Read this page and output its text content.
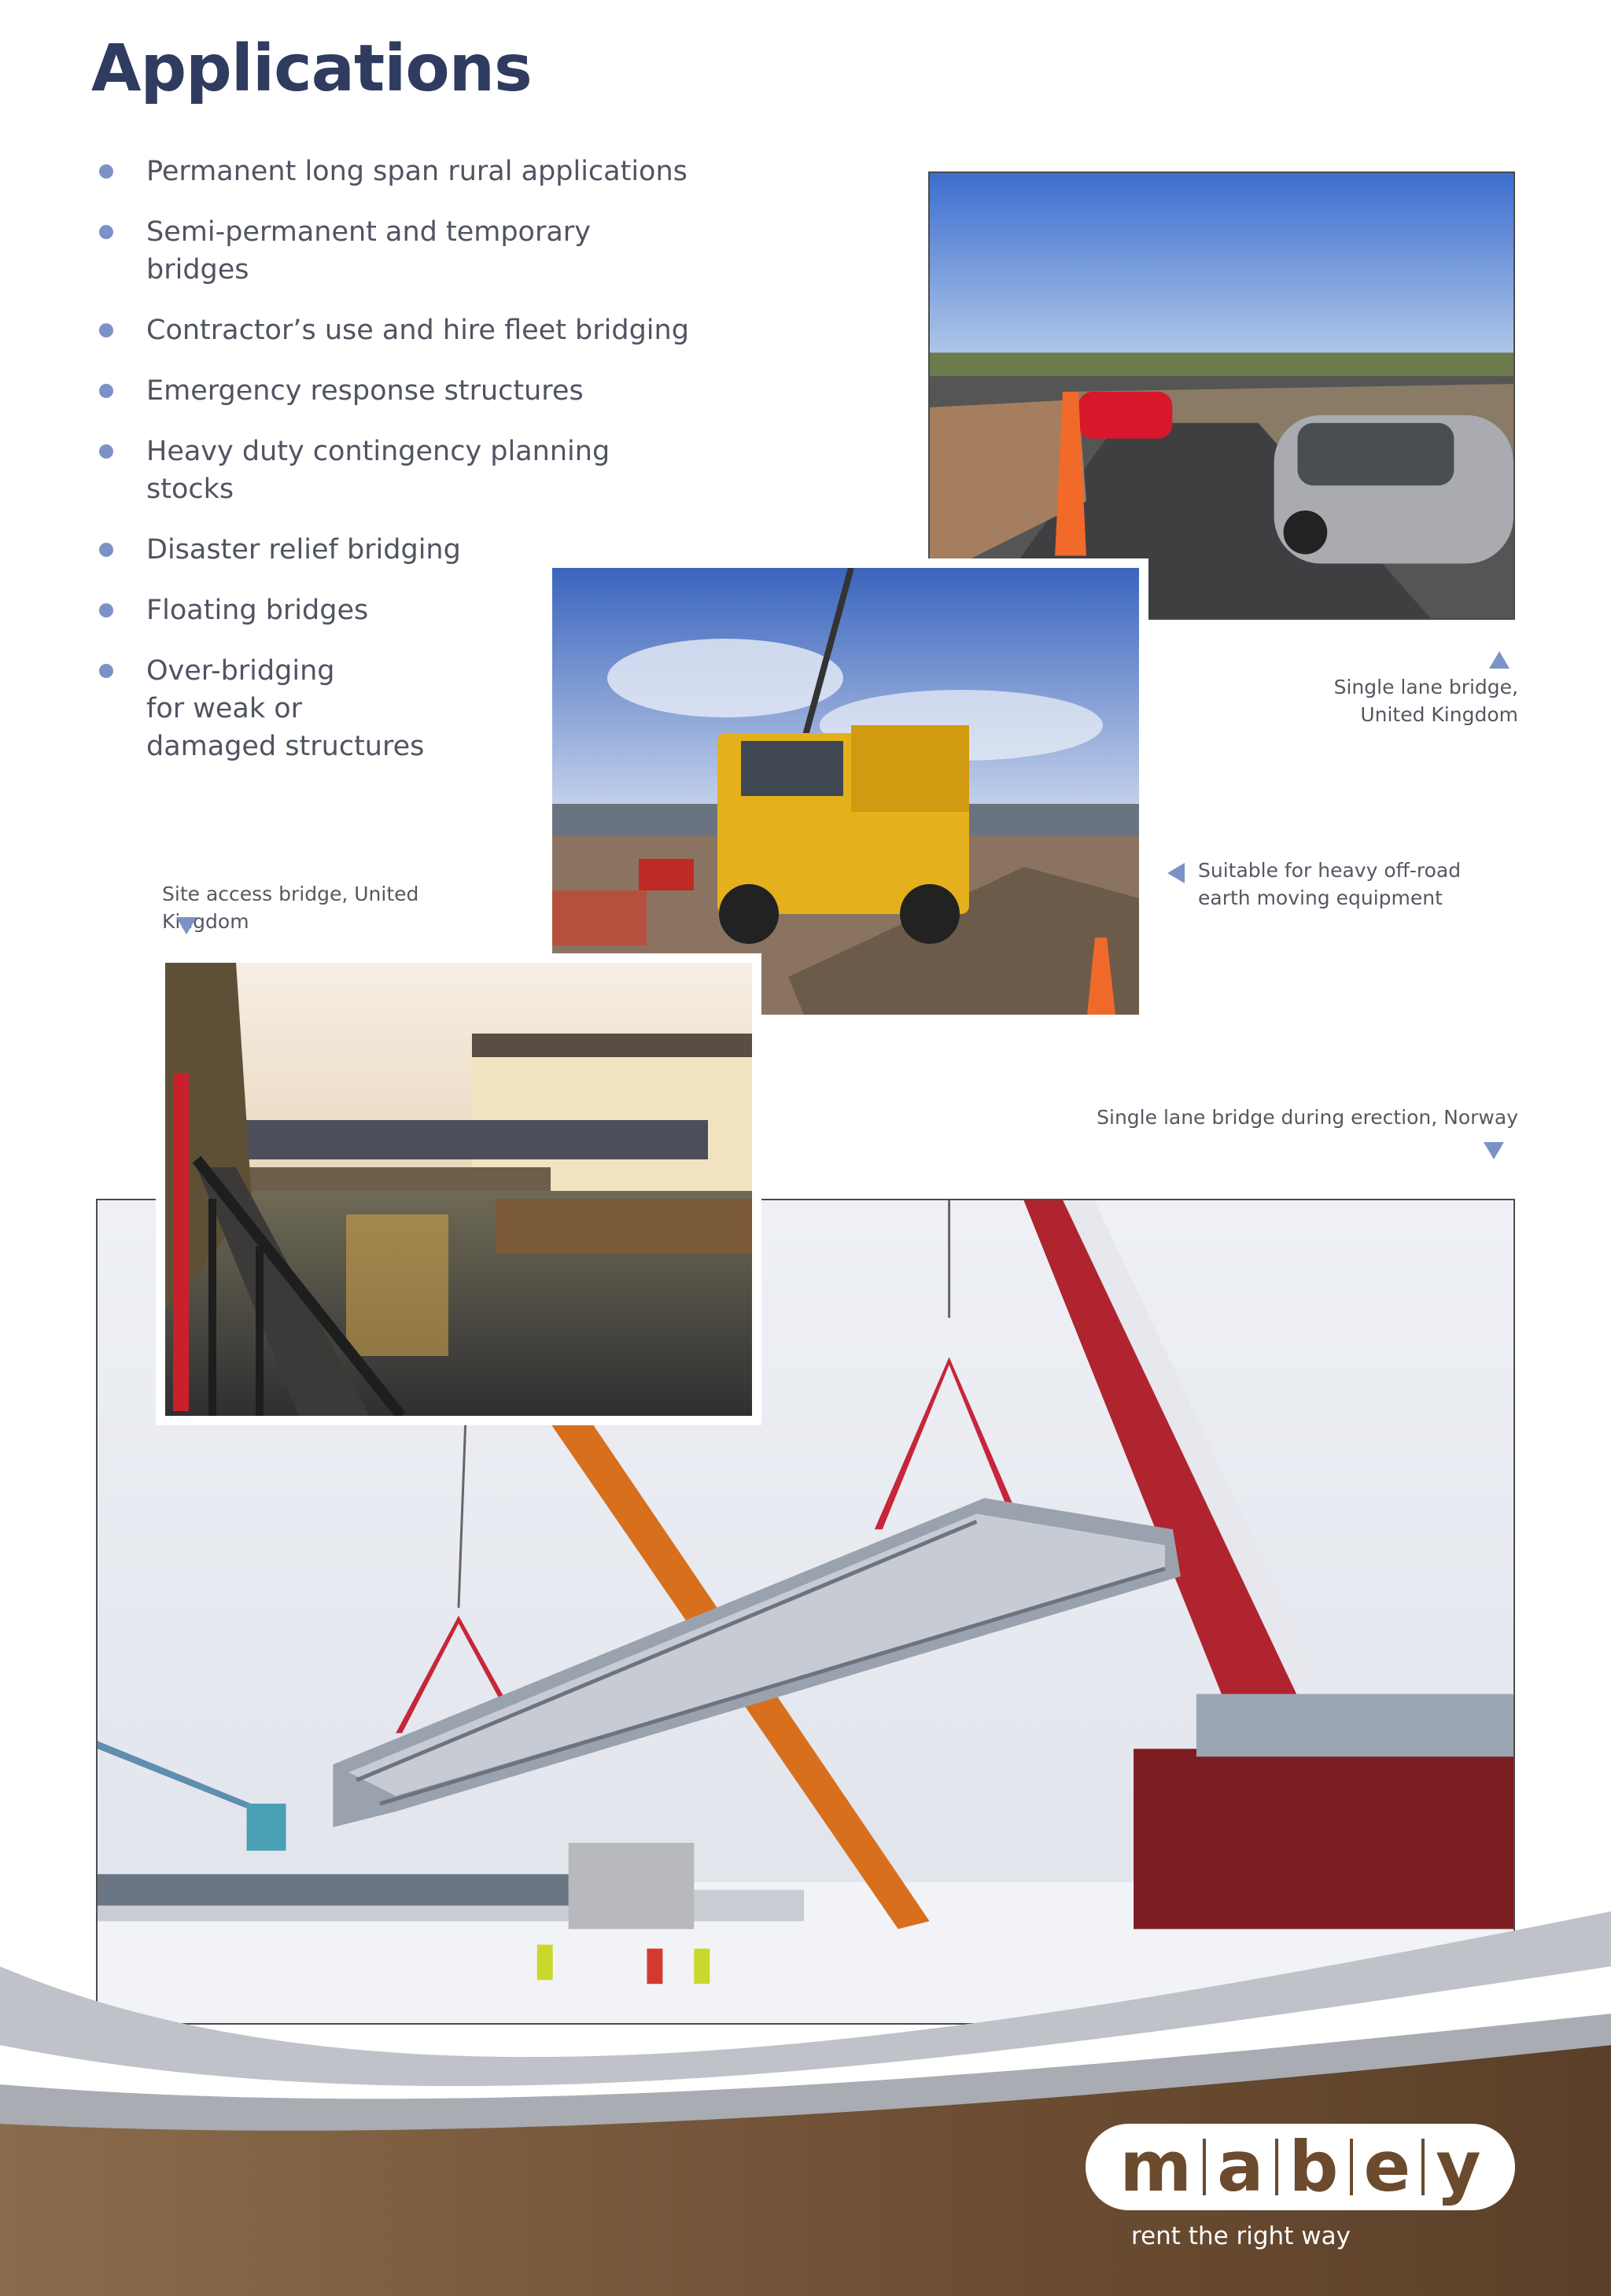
Applications
Permanent long span rural applications
Semi-permanent and temporary bridges
Contractor’s use and hire fleet bridging
Emergency response structures
Heavy duty contingency planning stocks
Disaster relief bridging
Floating bridges
Over-bridging
for weak or
damaged structures
Single lane bridge,
United Kingdom
Suitable for heavy off-road
earth moving equipment
Site access bridge, United Kingdom
Single lane bridge during erection, Norway
m a b e y
rent the right way
